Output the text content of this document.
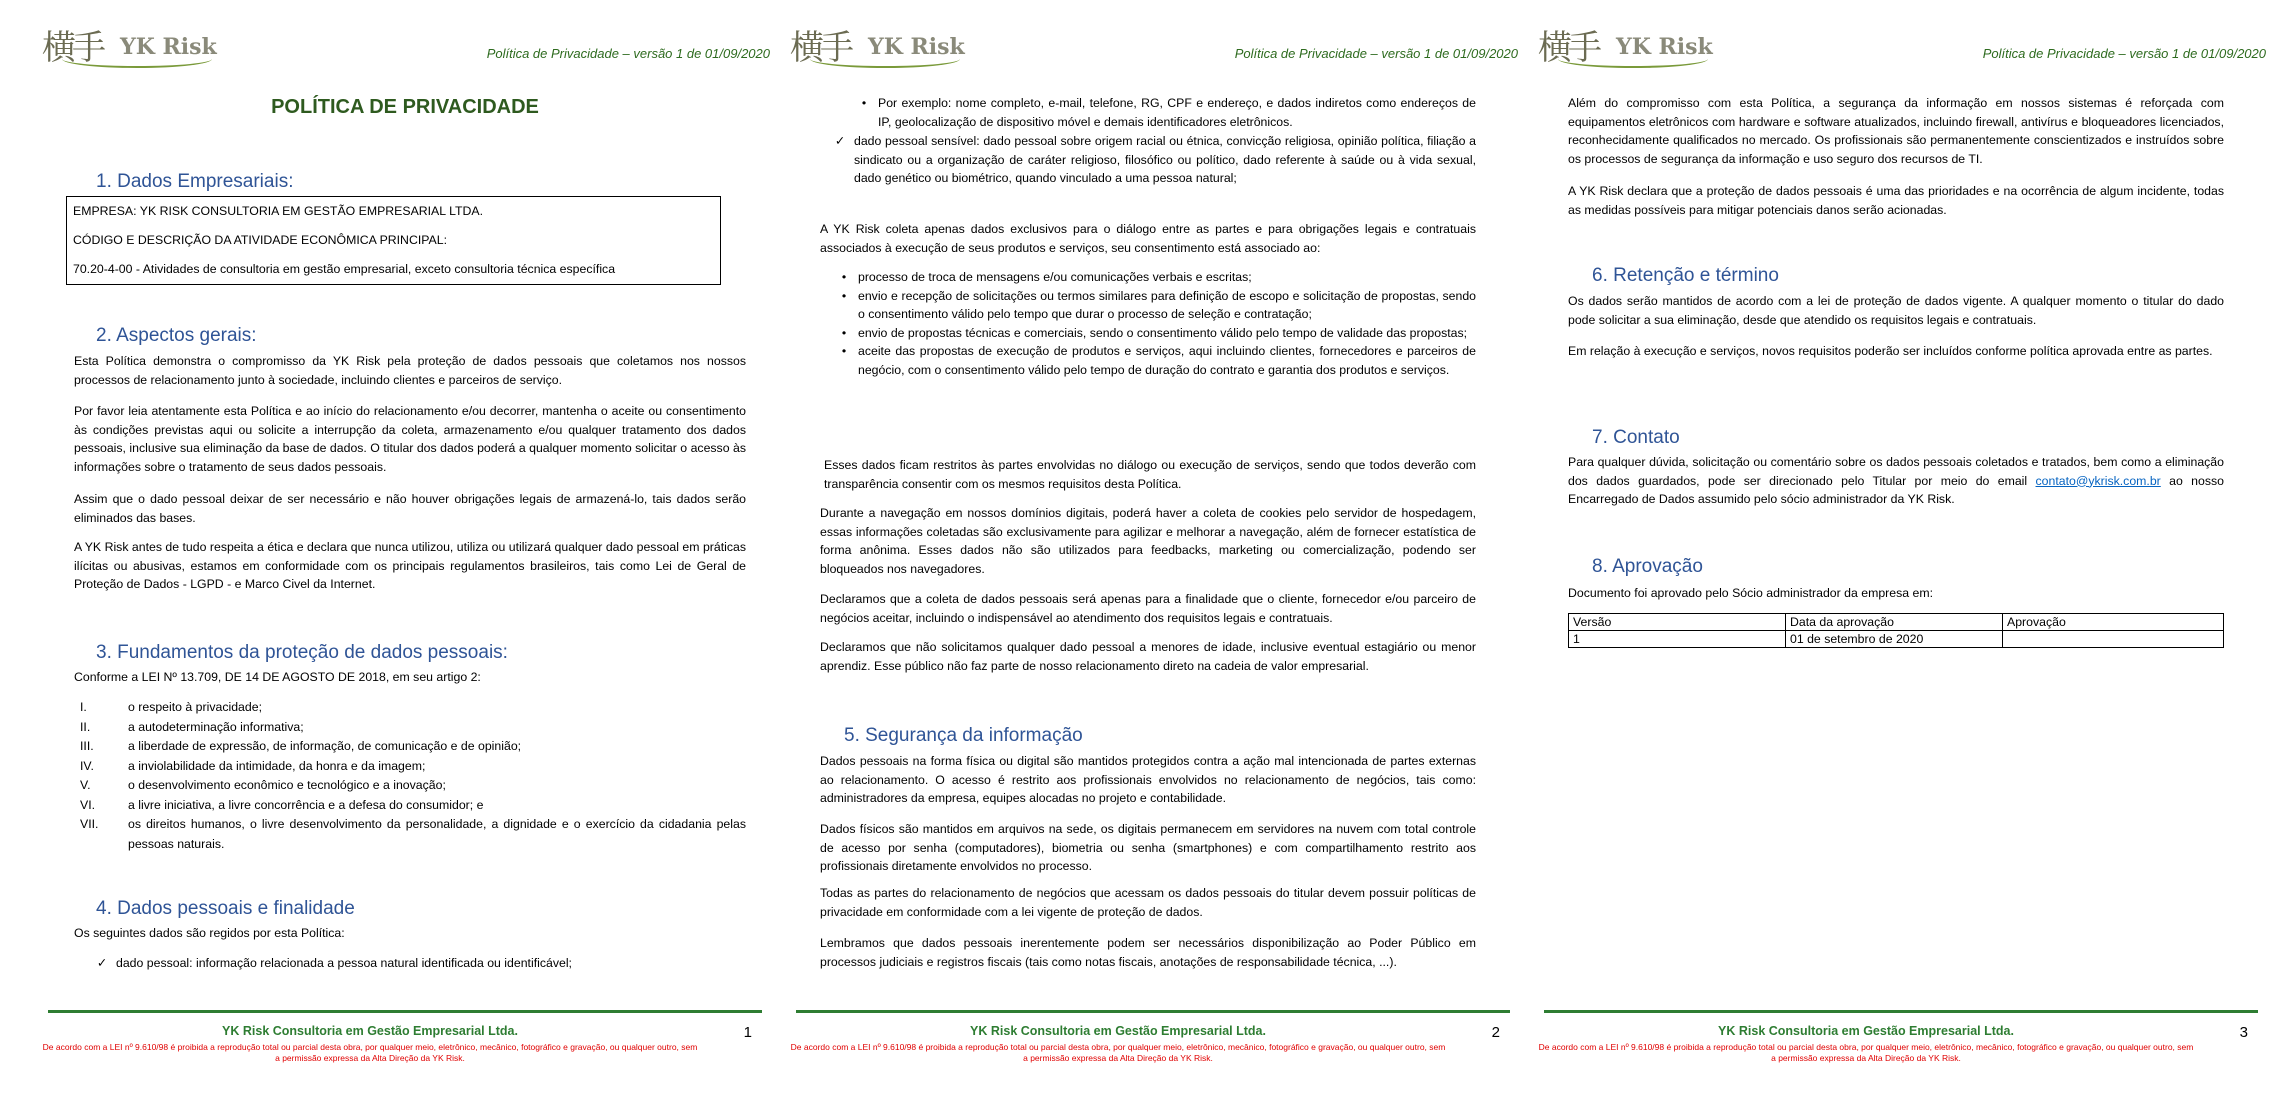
横手 YK Risk	Política de Privacidade – versão 1 de 01/09/2020
POLÍTICA DE PRIVACIDADE
1. Dados Empresariais:
EMPRESA: YK RISK CONSULTORIA EM GESTÃO EMPRESARIAL LTDA.
CÓDIGO E DESCRIÇÃO DA ATIVIDADE ECONÔMICA PRINCIPAL:
70.20-4-00 - Atividades de consultoria em gestão empresarial, exceto consultoria técnica específica
2. Aspectos gerais:
Esta Política demonstra o compromisso da YK Risk pela proteção de dados pessoais que coletamos nos nossos processos de relacionamento junto à sociedade, incluindo clientes e parceiros de serviço.
Por favor leia atentamente esta Política e ao início do relacionamento e/ou decorrer, mantenha o aceite ou consentimento às condições previstas aqui ou solicite a interrupção da coleta, armazenamento e/ou qualquer tratamento dos dados pessoais, inclusive sua eliminação da base de dados. O titular dos dados poderá a qualquer momento solicitar o acesso às informações sobre o tratamento de seus dados pessoais.
Assim que o dado pessoal deixar de ser necessário e não houver obrigações legais de armazená-lo, tais dados serão eliminados das bases.
A YK Risk antes de tudo respeita a ética e declara que nunca utilizou, utiliza ou utilizará qualquer dado pessoal em práticas ilícitas ou abusivas, estamos em conformidade com os principais regulamentos brasileiros, tais como Lei de Geral de Proteção de Dados - LGPD - e Marco Civel da Internet.
3. Fundamentos da proteção de dados pessoais:
Conforme a LEI Nº 13.709, DE 14 DE AGOSTO DE 2018, em seu artigo 2:
I.	o respeito à privacidade;
II.	a autodeterminação informativa;
III.	a liberdade de expressão, de informação, de comunicação e de opinião;
IV.	a inviolabilidade da intimidade, da honra e da imagem;
V.	o desenvolvimento econômico e tecnológico e a inovação;
VI.	a livre iniciativa, a livre concorrência e a defesa do consumidor; e
VII.	os direitos humanos, o livre desenvolvimento da personalidade, a dignidade e o exercício da cidadania pelas pessoas naturais.
4. Dados pessoais e finalidade
Os seguintes dados são regidos por esta Política:
✓ dado pessoal: informação relacionada a pessoa natural identificada ou identificável;
YK Risk Consultoria em Gestão Empresarial Ltda.
De acordo com a LEI nº 9.610/98 é proibida a reprodução total ou parcial desta obra, por qualquer meio, eletrônico, mecânico, fotográfico e gravação, ou qualquer outro, sem a permissão expressa da Alta Direção da YK Risk.
1
横手 YK Risk	Política de Privacidade – versão 1 de 01/09/2020
• Por exemplo: nome completo, e-mail, telefone, RG, CPF e endereço, e dados indiretos como endereços de IP, geolocalização de dispositivo móvel e demais identificadores eletrônicos.
✓ dado pessoal sensível: dado pessoal sobre origem racial ou étnica, convicção religiosa, opinião política, filiação a sindicato ou a organização de caráter religioso, filosófico ou político, dado referente à saúde ou à vida sexual, dado genético ou biométrico, quando vinculado a uma pessoa natural;
A YK Risk coleta apenas dados exclusivos para o diálogo entre as partes e para obrigações legais e contratuais associados à execução de seus produtos e serviços, seu consentimento está associado ao:
• processo de troca de mensagens e/ou comunicações verbais e escritas;
• envio e recepção de solicitações ou termos similares para definição de escopo e solicitação de propostas, sendo o consentimento válido pelo tempo que durar o processo de seleção e contratação;
• envio de propostas técnicas e comerciais, sendo o consentimento válido pelo tempo de validade das propostas;
• aceite das propostas de execução de produtos e serviços, aqui incluindo clientes, fornecedores e parceiros de negócio, com o consentimento válido pelo tempo de duração do contrato e garantia dos produtos e serviços.
Esses dados ficam restritos às partes envolvidas no diálogo ou execução de serviços, sendo que todos deverão com transparência consentir com os mesmos requisitos desta Política.
Durante a navegação em nossos domínios digitais, poderá haver a coleta de cookies pelo servidor de hospedagem, essas informações coletadas são exclusivamente para agilizar e melhorar a navegação, além de fornecer estatística de forma anônima. Esses dados não são utilizados para feedbacks, marketing ou comercialização, podendo ser bloqueados nos navegadores.
Declaramos que a coleta de dados pessoais será apenas para a finalidade que o cliente, fornecedor e/ou parceiro de negócios aceitar, incluindo o indispensável ao atendimento dos requisitos legais e contratuais.
Declaramos que não solicitamos qualquer dado pessoal a menores de idade, inclusive eventual estagiário ou menor aprendiz. Esse público não faz parte de nosso relacionamento direto na cadeia de valor empresarial.
5. Segurança da informação
Dados pessoais na forma física ou digital são mantidos protegidos contra a ação mal intencionada de partes externas ao relacionamento. O acesso é restrito aos profissionais envolvidos no relacionamento de negócios, tais como: administradores da empresa, equipes alocadas no projeto e contabilidade.
Dados físicos são mantidos em arquivos na sede, os digitais permanecem em servidores na nuvem com total controle de acesso por senha (computadores), biometria ou senha (smartphones) e com compartilhamento restrito aos profissionais diretamente envolvidos no processo.
Todas as partes do relacionamento de negócios que acessam os dados pessoais do titular devem possuir políticas de privacidade em conformidade com a lei vigente de proteção de dados.
Lembramos que dados pessoais inerentemente podem ser necessários disponibilização ao Poder Público em processos judiciais e registros fiscais (tais como notas fiscais, anotações de responsabilidade técnica, ...).
YK Risk Consultoria em Gestão Empresarial Ltda.
De acordo com a LEI nº 9.610/98 é proibida a reprodução total ou parcial desta obra, por qualquer meio, eletrônico, mecânico, fotográfico e gravação, ou qualquer outro, sem a permissão expressa da Alta Direção da YK Risk.
2
横手 YK Risk	Política de Privacidade – versão 1 de 01/09/2020
Além do compromisso com esta Política, a segurança da informação em nossos sistemas é reforçada com equipamentos eletrônicos com hardware e software atualizados, incluindo firewall, antivírus e bloqueadores licenciados, reconhecidamente qualificados no mercado. Os profissionais são permanentemente conscientizados e instruídos sobre os processos de segurança da informação e uso seguro dos recursos de TI.
A YK Risk declara que a proteção de dados pessoais é uma das prioridades e na ocorrência de algum incidente, todas as medidas possíveis para mitigar potenciais danos serão acionadas.
6. Retenção e término
Os dados serão mantidos de acordo com a lei de proteção de dados vigente. A qualquer momento o titular do dado pode solicitar a sua eliminação, desde que atendido os requisitos legais e contratuais.
Em relação à execução e serviços, novos requisitos poderão ser incluídos conforme política aprovada entre as partes.
7. Contato
Para qualquer dúvida, solicitação ou comentário sobre os dados pessoais coletados e tratados, bem como a eliminação dos dados guardados, pode ser direcionado pelo Titular por meio do email contato@ykrisk.com.br ao nosso Encarregado de Dados assumido pelo sócio administrador da YK Risk.
8. Aprovação
Documento foi aprovado pelo Sócio administrador da empresa em:
Versão	Data da aprovação	Aprovação
1	01 de setembro de 2020	
YK Risk Consultoria em Gestão Empresarial Ltda.
De acordo com a LEI nº 9.610/98 é proibida a reprodução total ou parcial desta obra, por qualquer meio, eletrônico, mecânico, fotográfico e gravação, ou qualquer outro, sem a permissão expressa da Alta Direção da YK Risk.
3
